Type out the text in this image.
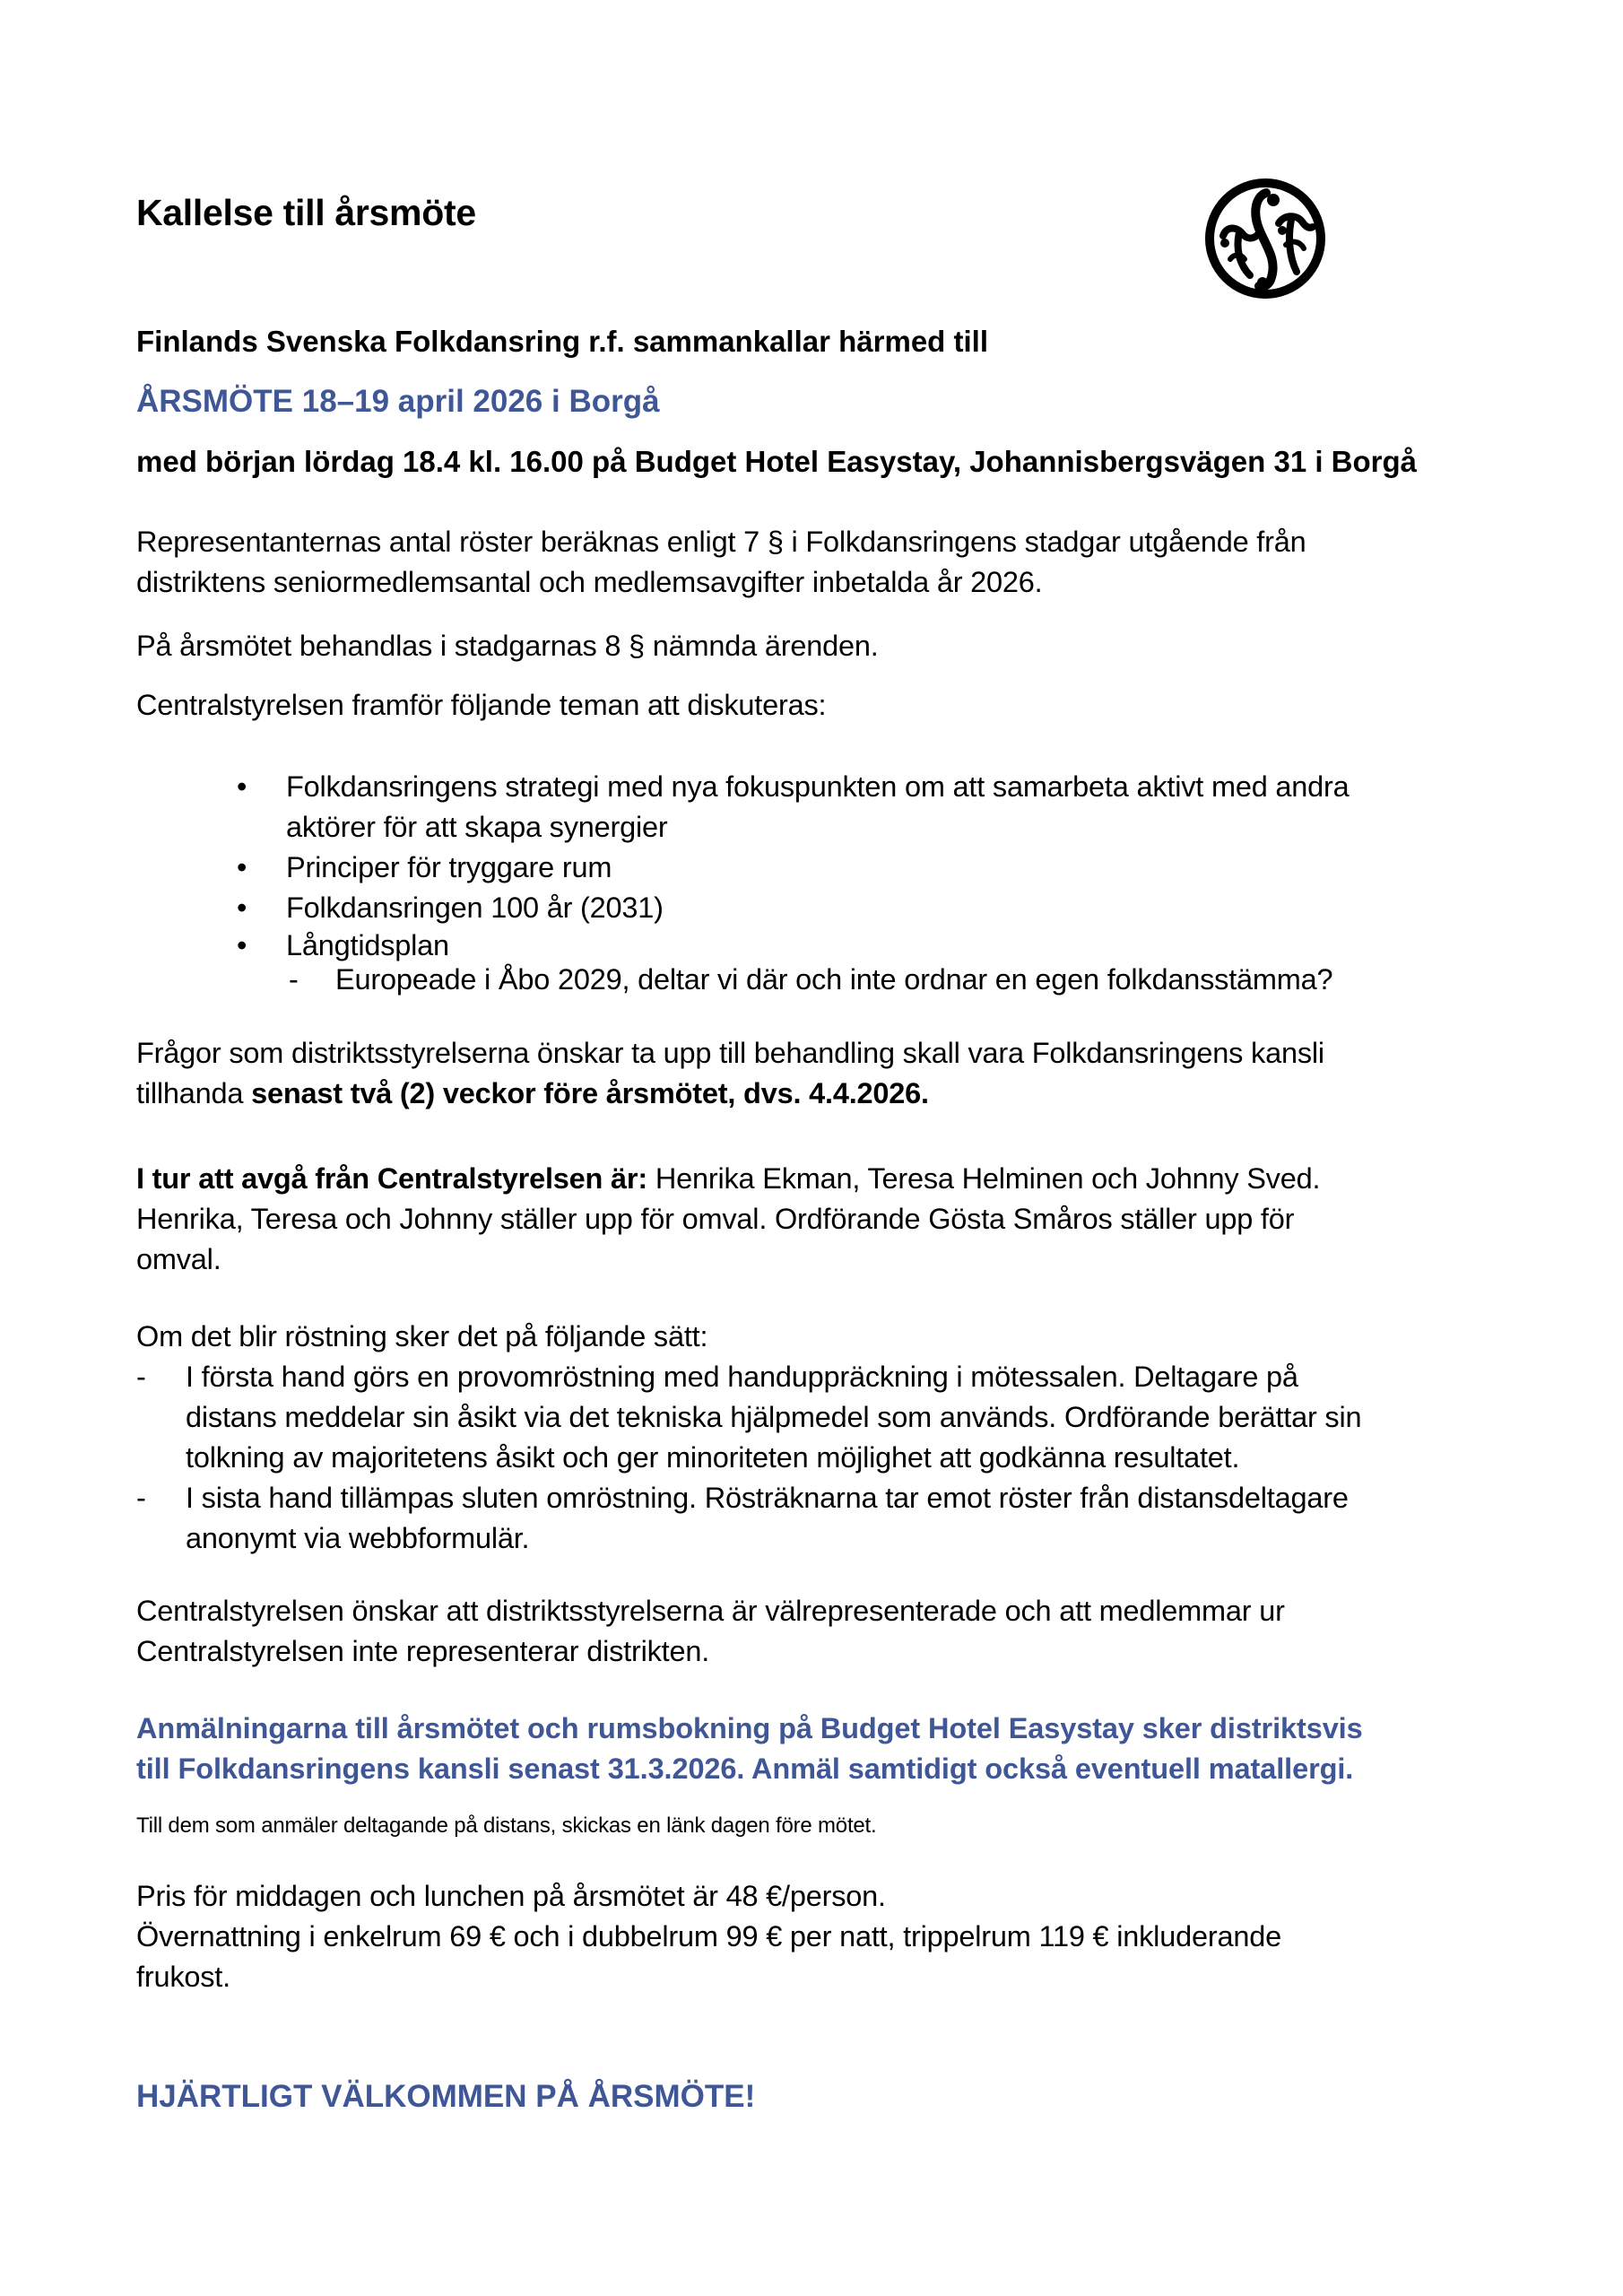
Kallelse till årsmöte
Finlands Svenska Folkdansring r.f. sammankallar härmed till
ÅRSMÖTE 18–19 april 2026 i Borgå
med början lördag 18.4 kl. 16.00 på Budget Hotel Easystay, Johannisbergsvägen 31 i Borgå
Representanternas antal röster beräknas enligt 7 § i Folkdansringens stadgar utgående från
distriktens seniormedlemsantal och medlemsavgifter inbetalda år 2026.
På årsmötet behandlas i stadgarnas 8 § nämnda ärenden.
Centralstyrelsen framför följande teman att diskuteras:
• Folkdansringens strategi med nya fokuspunkten om att samarbeta aktivt med andra
aktörer för att skapa synergier
• Principer för tryggare rum
• Folkdansringen 100 år (2031)
• Långtidsplan
- Europeade i Åbo 2029, deltar vi där och inte ordnar en egen folkdansstämma?
Frågor som distriktsstyrelserna önskar ta upp till behandling skall vara Folkdansringens kansli
tillhanda senast två (2) veckor före årsmötet, dvs. 4.4.2026.
I tur att avgå från Centralstyrelsen är: Henrika Ekman, Teresa Helminen och Johnny Sved.
Henrika, Teresa och Johnny ställer upp för omval. Ordförande Gösta Småros ställer upp för
omval.
Om det blir röstning sker det på följande sätt:
- I första hand görs en provomröstning med handuppräckning i mötessalen. Deltagare på
distans meddelar sin åsikt via det tekniska hjälpmedel som används. Ordförande berättar sin
tolkning av majoritetens åsikt och ger minoriteten möjlighet att godkänna resultatet.
- I sista hand tillämpas sluten omröstning. Rösträknarna tar emot röster från distansdeltagare
anonymt via webbformulär.
Centralstyrelsen önskar att distriktsstyrelserna är välrepresenterade och att medlemmar ur
Centralstyrelsen inte representerar distrikten.
Anmälningarna till årsmötet och rumsbokning på Budget Hotel Easystay sker distriktsvis
till Folkdansringens kansli senast 31.3.2026. Anmäl samtidigt också eventuell matallergi.
Till dem som anmäler deltagande på distans, skickas en länk dagen före mötet.
Pris för middagen och lunchen på årsmötet är 48 €/person.
Övernattning i enkelrum 69 € och i dubbelrum 99 € per natt, trippelrum 119 € inkluderande
frukost.
HJÄRTLIGT VÄLKOMMEN PÅ ÅRSMÖTE!
